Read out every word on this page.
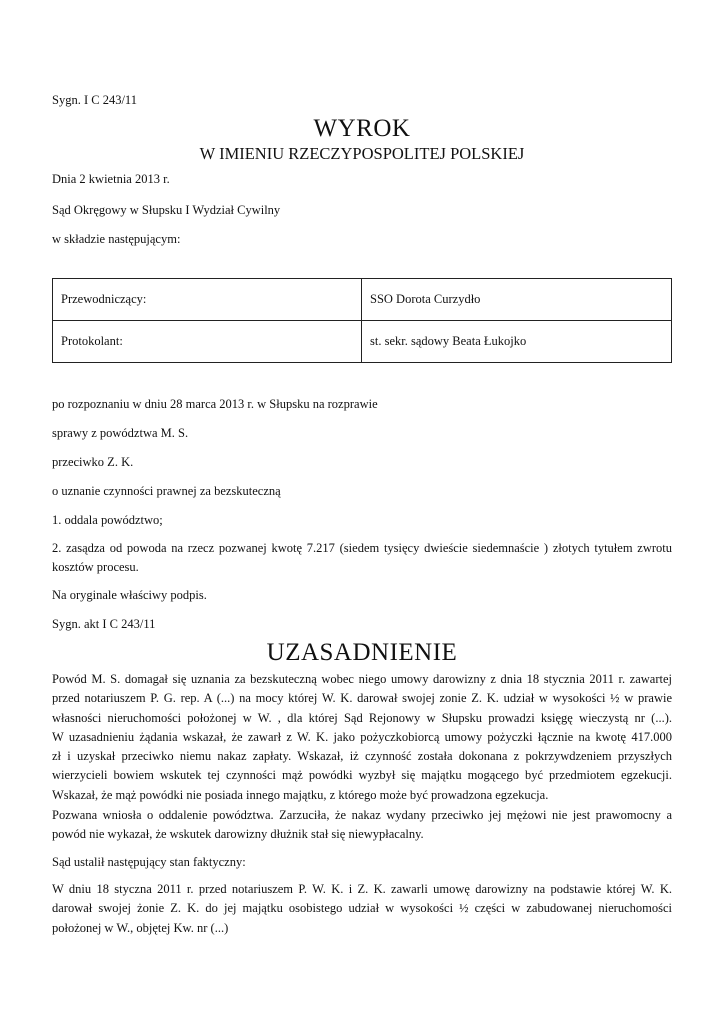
Sygn. I C 243/11
WYROK
W IMIENIU RZECZYPOSPOLITEJ POLSKIEJ
Dnia 2 kwietnia 2013 r.
Sąd Okręgowy w Słupsku I Wydział Cywilny
w składzie następującym:
Przewodniczący:	SSO Dorota Curzydło
Protokolant:	st. sekr. sądowy Beata Łukojko
po rozpoznaniu w dniu 28 marca 2013 r. w Słupsku na rozprawie
sprawy z powództwa M. S.
przeciwko Z. K.
o uznanie czynności prawnej za bezskuteczną
1. oddala powództwo;
2. zasądza od powoda na rzecz pozwanej kwotę 7.217 (siedem tysięcy dwieście siedemnaście ) złotych tytułem zwrotu
kosztów procesu.
Na oryginale właściwy podpis.
Sygn. akt I C 243/11
UZASADNIENIE
Powód M. S. domagał się uznania za bezskuteczną wobec niego umowy darowizny z dnia 18 stycznia 2011 r. zawartej
przed notariuszem P. G. rep. A (...) na mocy której W. K. darował swojej zonie Z. K. udział w wysokości ½ w prawie
własności nieruchomości położonej w W. , dla której Sąd Rejonowy w Słupsku prowadzi księgę wieczystą nr (...).
W uzasadnieniu żądania wskazał, że zawarł z W. K. jako pożyczkobiorcą umowy pożyczki łącznie na kwotę 417.000
zł i uzyskał przeciwko niemu nakaz zapłaty. Wskazał, iż czynność została dokonana z pokrzywdzeniem przyszłych
wierzycieli bowiem wskutek tej czynności mąż powódki wyzbył się majątku mogącego być przedmiotem egzekucji.
Wskazał, że mąż powódki nie posiada innego majątku, z którego może być prowadzona egzekucja.
Pozwana wniosła o oddalenie powództwa. Zarzuciła, że nakaz wydany przeciwko jej mężowi nie jest prawomocny a
powód nie wykazał, że wskutek darowizny dłużnik stał się niewypłacalny.
Sąd ustalił następujący stan faktyczny:
W dniu 18 styczna 2011 r. przed notariuszem P. W. K. i Z. K. zawarli umowę darowizny na podstawie której W. K.
darował swojej żonie Z. K. do jej majątku osobistego udział w wysokości ½ części w zabudowanej nieruchomości
położonej w W., objętej Kw. nr (...)
